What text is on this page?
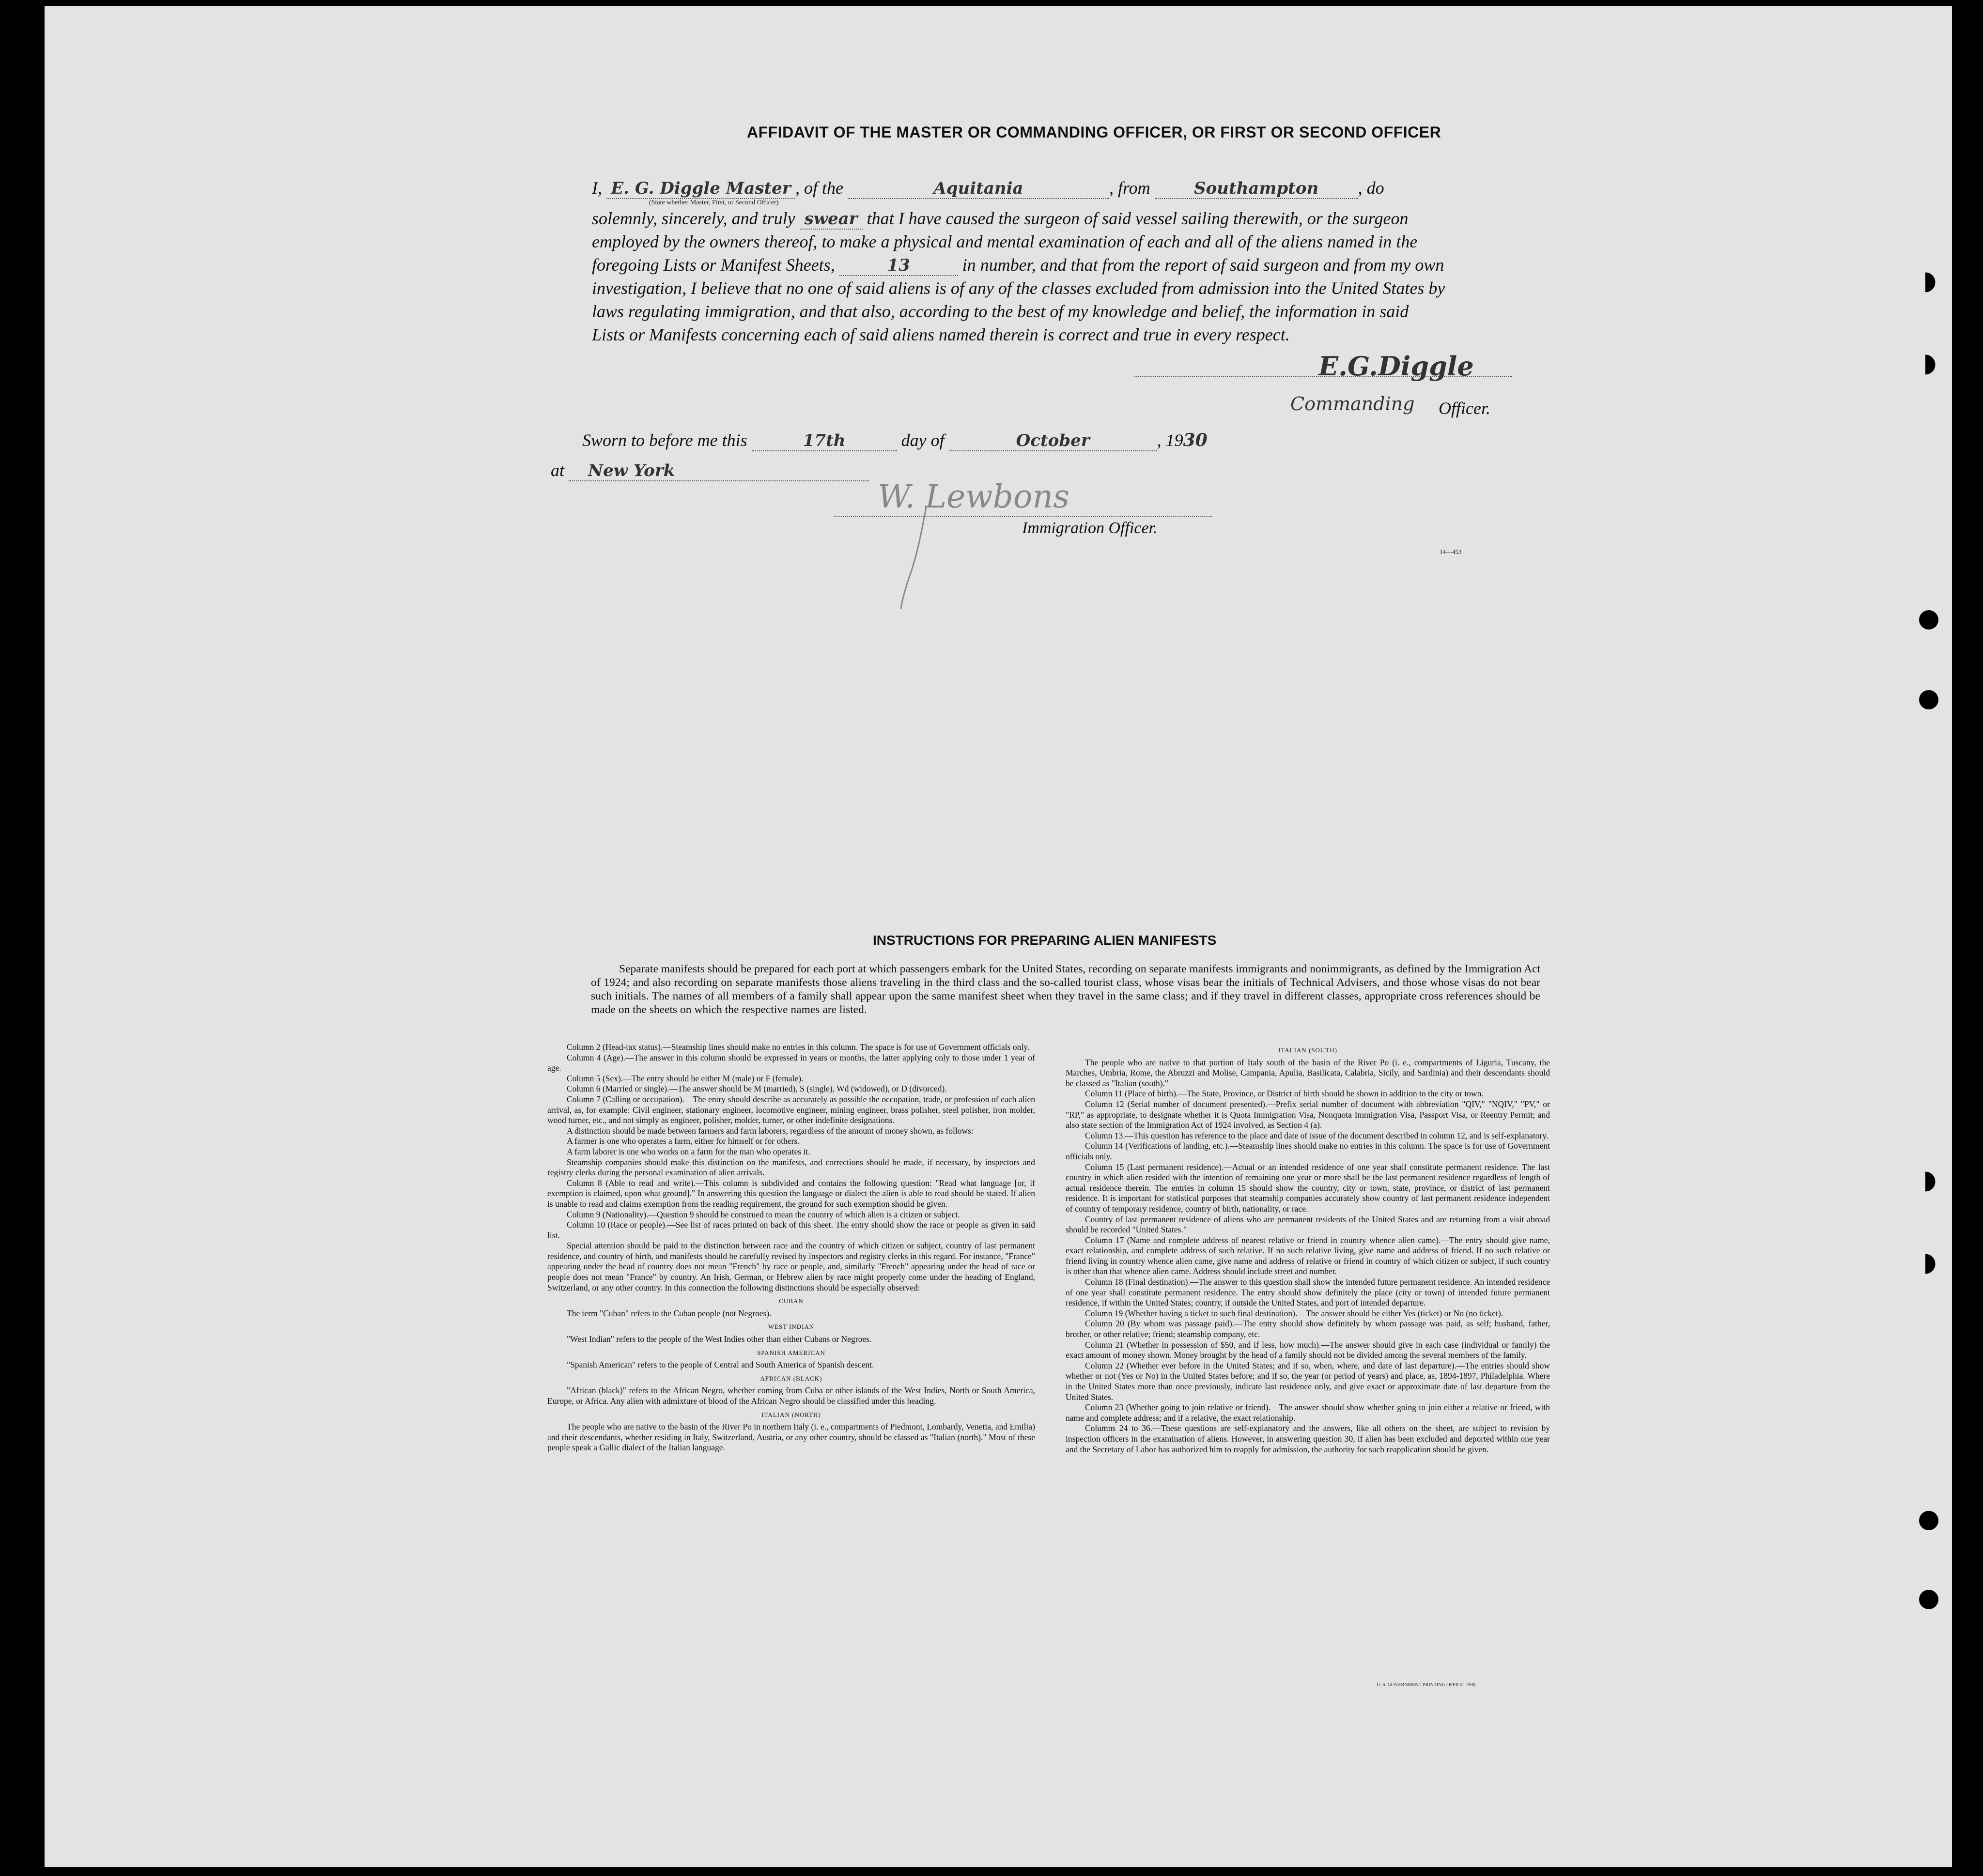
AFFIDAVIT OF THE MASTER OR COMMANDING OFFICER, OR FIRST OR SECOND OFFICER
I, E. G. Diggle Master , of the	Aquitania	, from	Southampton , do
(State whether Master, First, or Second Officer)
solemnly, sincerely, and truly swear that I have caused the surgeon of said vessel sailing therewith, or the surgeon
employed by the owners thereof, to make a physical and mental examination of each and all of the aliens named in the
foregoing Lists or Manifest Sheets,	13	in number, and that from the report of said surgeon and from my own
investigation, I believe that no one of said aliens is of any of the classes excluded from admission into the United States by
laws regulating immigration, and that also, according to the best of my knowledge and belief, the information in said
Lists or Manifests concerning each of said aliens named therein is correct and true in every respect.
E.G.Diggle
Commanding Officer.
Sworn to before me this	17th	day of	October	, 1930
at New York
W. Lewbons
Immigration Officer.
14—453
INSTRUCTIONS FOR PREPARING ALIEN MANIFESTS
Separate manifests should be prepared for each port at which passengers embark for the United States, recording on separate manifests immigrants and nonimmigrants, as defined by the Immigration Act of 1924; and also recording on separate manifests those aliens traveling in the third class and the so-called tourist class, whose visas bear the initials of Technical Advisers, and those whose visas do not bear such initials. The names of all members of a family shall appear upon the same manifest sheet when they travel in the same class; and if they travel in different classes, appropriate cross references should be made on the sheets on which the respective names are listed.

Column 2 (Head-tax status).—Steamship lines should make no entries in this column. The space is for use of Government officials only.

Column 4 (Age).—The answer in this column should be expressed in years or months, the latter applying only to those under 1 year of age.

Column 5 (Sex).—The entry should be either M (male) or F (female).

Column 6 (Married or single).—The answer should be M (married), S (single), Wd (widowed), or D (divorced).

Column 7 (Calling or occupation).—The entry should describe as accurately as possible the occupation, trade, or profession of each alien arrival, as, for example: Civil engineer, stationary engineer, locomotive engineer, mining engineer, brass polisher, steel polisher, iron molder, wood turner, etc., and not simply as engineer, polisher, molder, turner, or other indefinite designations.

A distinction should be made between farmers and farm laborers, regardless of the amount of money shown, as follows:

A farmer is one who operates a farm, either for himself or for others.

A farm laborer is one who works on a farm for the man who operates it.

Steamship companies should make this distinction on the manifests, and corrections should be made, if necessary, by inspectors and registry clerks during the personal examination of alien arrivals.

Column 8 (Able to read and write).—This column is subdivided and contains the following question: "Read what language [or, if exemption is claimed, upon what ground]." In answering this question the language or dialect the alien is able to read should be stated. If alien is unable to read and claims exemption from the reading requirement, the ground for such exemption should be given.

Column 9 (Nationality).—Question 9 should be construed to mean the country of which alien is a citizen or subject.

Column 10 (Race or people).—See list of races printed on back of this sheet. The entry should show the race or people as given in said list.

Special attention should be paid to the distinction between race and the country of which citizen or subject, country of last permanent residence, and country of birth, and manifests should be carefully revised by inspectors and registry clerks in this regard. For instance, "France" appearing under the head of country does not mean "French" by race or people, and, similarly "French" appearing under the head of race or people does not mean "France" by country. An Irish, German, or Hebrew alien by race might properly come under the heading of England, Switzerland, or any other country. In this connection the following distinctions should be especially observed:

CUBAN

The term "Cuban" refers to the Cuban people (not Negroes).

WEST INDIAN

"West Indian" refers to the people of the West Indies other than either Cubans or Negroes.

SPANISH AMERICAN

"Spanish American" refers to the people of Central and South America of Spanish descent.

AFRICAN (BLACK)

"African (black)" refers to the African Negro, whether coming from Cuba or other islands of the West Indies, North or South America, Europe, or Africa. Any alien with admixture of blood of the African Negro should be classified under this heading.

ITALIAN (NORTH)

The people who are native to the basin of the River Po in northern Italy (i. e., compartments of Piedmont, Lombardy, Venetia, and Emilia) and their descendants, whether residing in Italy, Switzerland, Austria, or any other country, should be classed as "Italian (north)." Most of these people speak a Gallic dialect of the Italian language.

ITALIAN (SOUTH)

The people who are native to that portion of Italy south of the basin of the River Po (i. e., compartments of Liguria, Tuscany, the Marches, Umbria, Rome, the Abruzzi and Molise, Campania, Apulia, Basilicata, Calabria, Sicily, and Sardinia) and their descendants should be classed as "Italian (south)."

Column 11 (Place of birth).—The State, Province, or District of birth should be shown in addition to the city or town.

Column 12 (Serial number of document presented).—Prefix serial number of document with abbreviation "QIV," "NQIV," "PV," or "RP," as appropriate, to designate whether it is Quota Immigration Visa, Nonquota Immigration Visa, Passport Visa, or Reentry Permit; and also state section of the Immigration Act of 1924 involved, as Section 4 (a).

Column 13.—This question has reference to the place and date of issue of the document described in column 12, and is self-explanatory.

Column 14 (Verifications of landing, etc.).—Steamship lines should make no entries in this column. The space is for use of Government officials only.

Column 15 (Last permanent residence).—Actual or an intended residence of one year shall constitute permanent residence. The last country in which alien resided with the intention of remaining one year or more shall be the last permanent residence regardless of length of actual residence therein. The entries in column 15 should show the country, city or town, state, province, or district of last permanent residence. It is important for statistical purposes that steamship companies accurately show country of last permanent residence independent of country of temporary residence, country of birth, nationality, or race.

Country of last permanent residence of aliens who are permanent residents of the United States and are returning from a visit abroad should be recorded "United States."

Column 17 (Name and complete address of nearest relative or friend in country whence alien came).—The entry should give name, exact relationship, and complete address of such relative. If no such relative living, give name and address of friend. If no such relative or friend living in country whence alien came, give name and address of relative or friend in country of which citizen or subject, if such country is other than that whence alien came. Address should include street and number.

Column 18 (Final destination).—The answer to this question shall show the intended future permanent residence. An intended residence of one year shall constitute permanent residence. The entry should show definitely the place (city or town) of intended future permanent residence, if within the United States; country, if outside the United States, and port of intended departure.

Column 19 (Whether having a ticket to such final destination).—The answer should be either Yes (ticket) or No (no ticket).

Column 20 (By whom was passage paid).—The entry should show definitely by whom passage was paid, as self; husband, father, brother, or other relative; friend; steamship company, etc.

Column 21 (Whether in possession of $50, and if less, how much).—The answer should give in each case (individual or family) the exact amount of money shown. Money brought by the head of a family should not be divided among the several members of the family.

Column 22 (Whether ever before in the United States; and if so, when, where, and date of last departure).—The entries should show whether or not (Yes or No) in the United States before; and if so, the year (or period of years) and place, as, 1894-1897, Philadelphia. Where in the United States more than once previously, indicate last residence only, and give exact or approximate date of last departure from the United States.

Column 23 (Whether going to join relative or friend).—The answer should show whether going to join either a relative or friend, with name and complete address; and if a relative, the exact relationship.

Columns 24 to 36.—These questions are self-explanatory and the answers, like all others on the sheet, are subject to revision by inspection officers in the examination of aliens. However, in answering question 30, if alien has been excluded and deported within one year and the Secretary of Labor has authorized him to reapply for admission, the authority for such reapplication should be given.

U. S. GOVERNMENT PRINTING OFFICE: 1930
